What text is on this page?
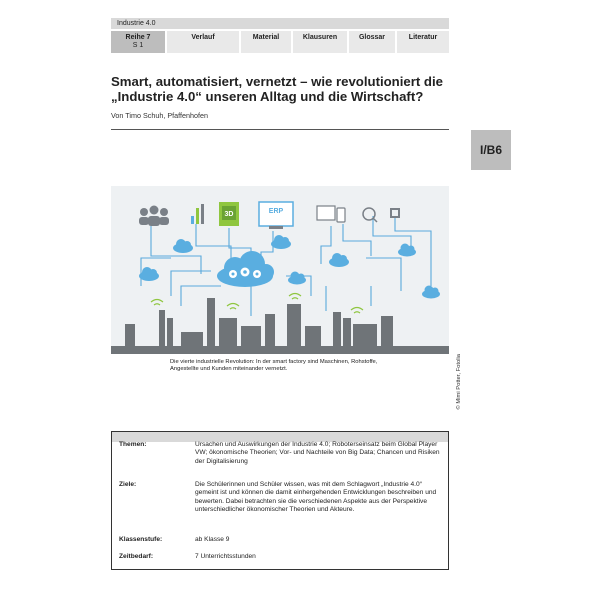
Industrie 4.0
Reihe 7
S 1
Verlauf	Material	Klausuren	Glossar	Literatur
Smart, automatisiert, vernetzt – wie revolutioniert die „Industrie 4.0“ unseren Alltag und die Wirtschaft?
Von Timo Schuh, Pfaffenhofen
I/B6
3D	ERP
© Mimi Potter, Fotolia
Die vierte industrielle Revolution: In der smart factory sind Maschinen, Rohstoffe, Angestellte und Kunden miteinander vernetzt.
Themen:	Ursachen und Auswirkungen der Industrie 4.0; Roboterseinsatz beim Global Player VW; ökonomische Theorien; Vor- und Nachteile von Big Data; Chancen und Risiken der Digitalisierung
Ziele:	Die Schülerinnen und Schüler wissen, was mit dem Schlagwort „Industrie 4.0“ gemeint ist und können die damit einhergehenden Entwicklungen beschreiben und bewerten. Dabei betrachten sie die verschiedenen Aspekte aus der Perspektive unterschiedlicher ökonomischer Theorien und Akteure.
Klassenstufe:	ab Klasse 9
Zeitbedarf:	7 Unterrichtsstunden
